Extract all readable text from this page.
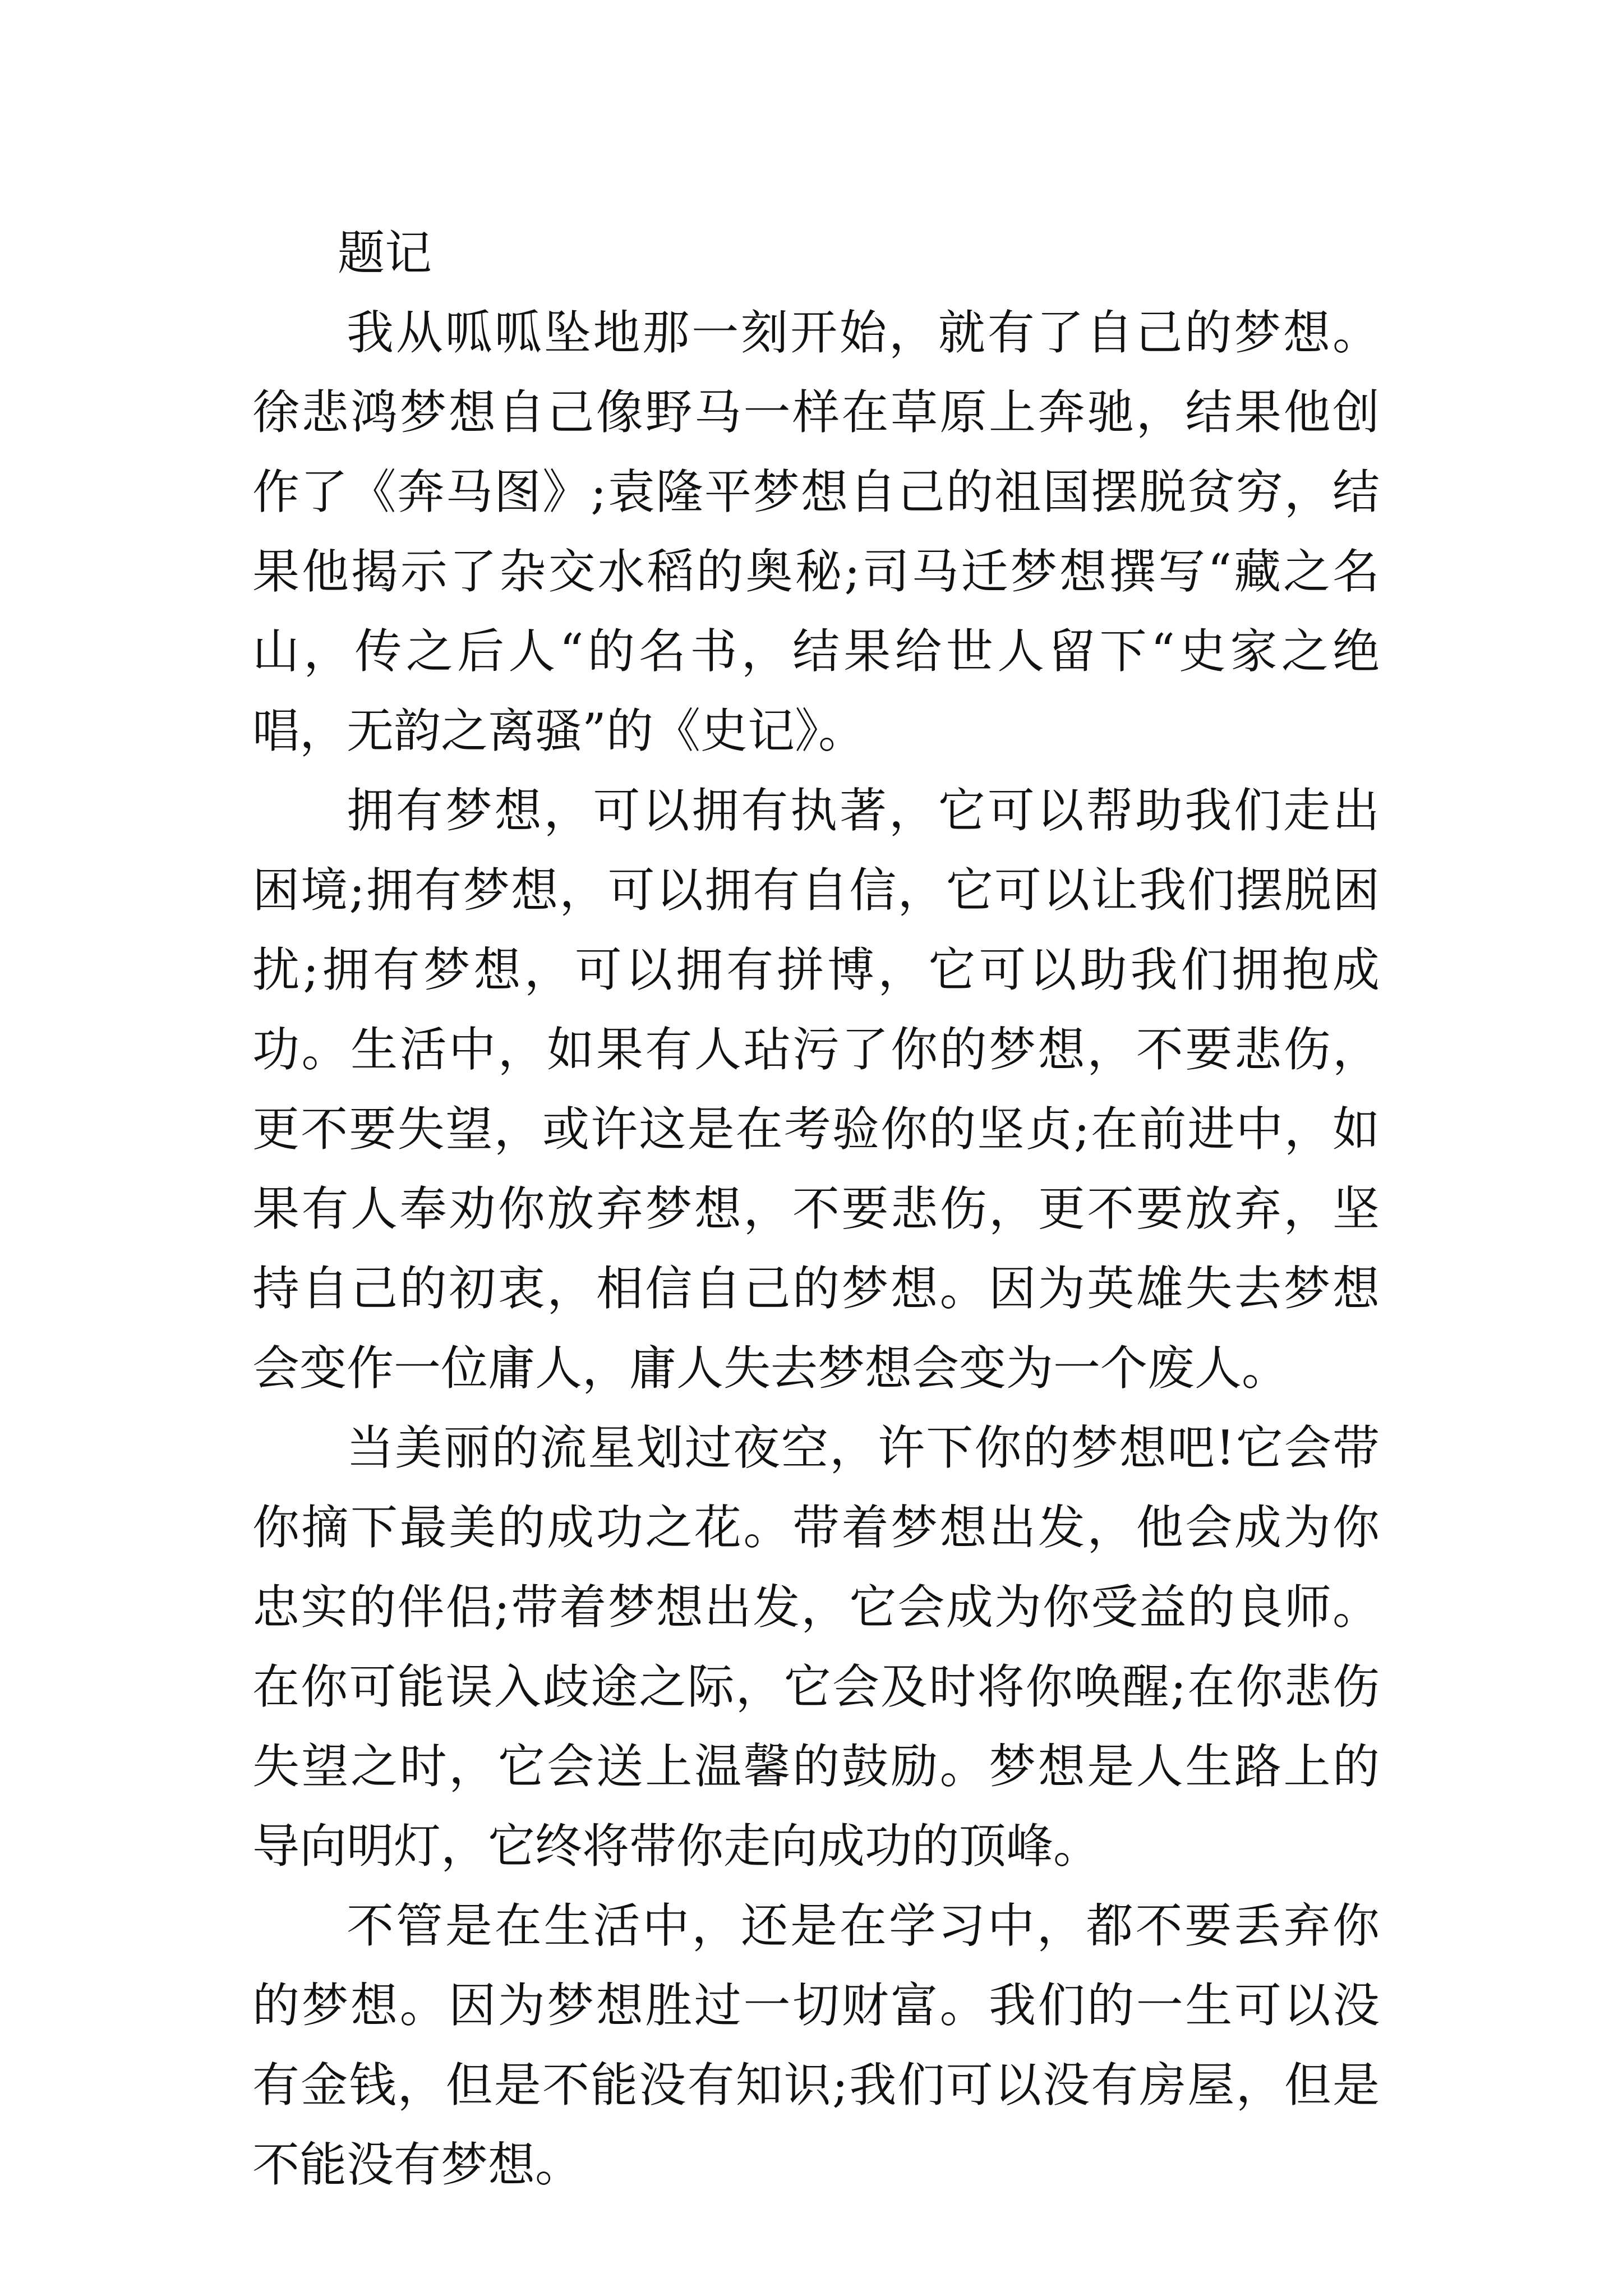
题记

我从呱呱坠地那一刻开始，就有了自己的梦想。徐悲鸿梦想自己像野马一样在草原上奔驰，结果他创作了《奔马图》;袁隆平梦想自己的祖国摆脱贫穷，结果他揭示了杂交水稻的奥秘;司马迁梦想撰写“藏之名山，传之后人“的名书，结果给世人留下“史家之绝唱，无韵之离骚”的《史记》。

拥有梦想，可以拥有执著，它可以帮助我们走出困境;拥有梦想，可以拥有自信，它可以让我们摆脱困扰;拥有梦想，可以拥有拼博，它可以助我们拥抱成功。生活中，如果有人玷污了你的梦想，不要悲伤，更不要失望，或许这是在考验你的坚贞;在前进中，如果有人奉劝你放弃梦想，不要悲伤，更不要放弃，坚持自己的初衷，相信自己的梦想。因为英雄失去梦想会变作一位庸人，庸人失去梦想会变为一个废人。

当美丽的流星划过夜空，许下你的梦想吧!它会带你摘下最美的成功之花。带着梦想出发，他会成为你忠实的伴侣;带着梦想出发，它会成为你受益的良师。在你可能误入歧途之际，它会及时将你唤醒;在你悲伤失望之时，它会送上温馨的鼓励。梦想是人生路上的导向明灯，它终将带你走向成功的顶峰。

不管是在生活中，还是在学习中，都不要丢弃你的梦想。因为梦想胜过一切财富。我们的一生可以没有金钱，但是不能没有知识;我们可以没有房屋，但是不能没有梦想。
